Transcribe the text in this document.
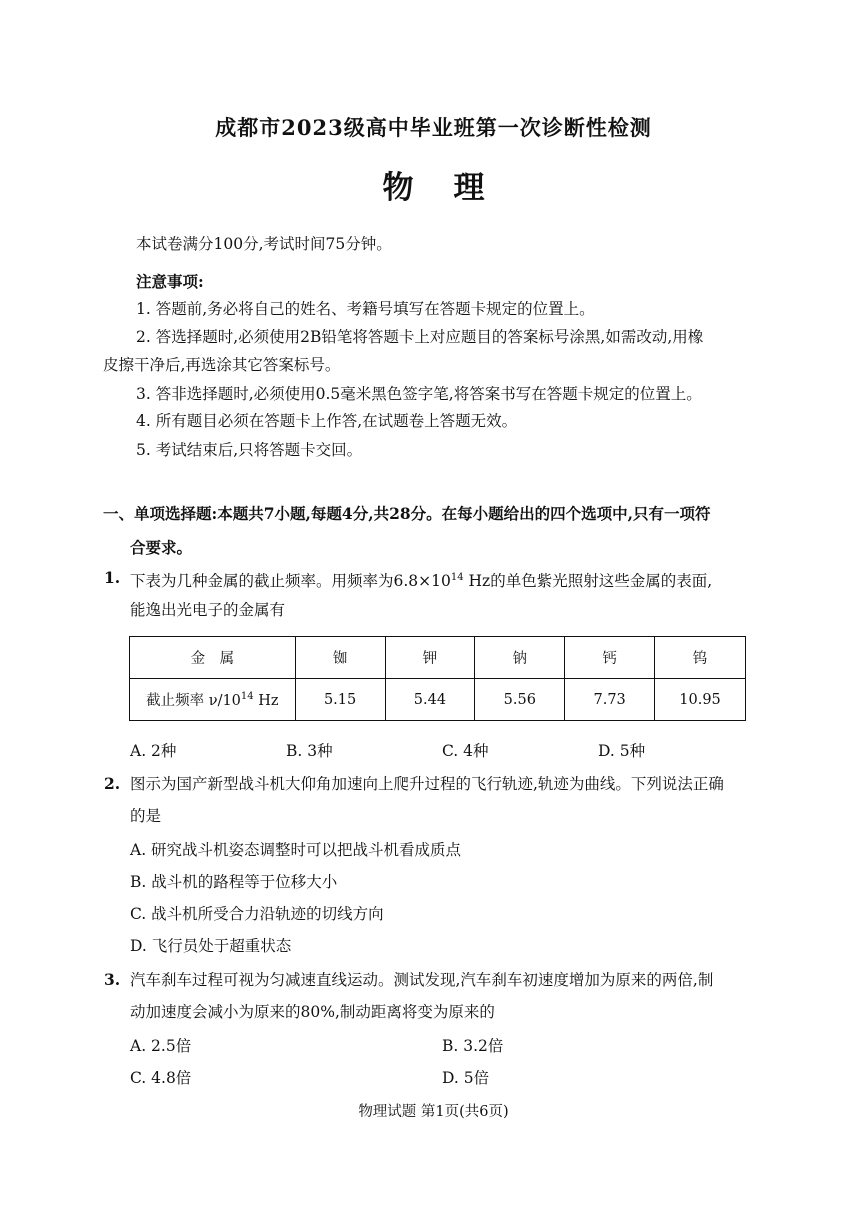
成都市2023级高中毕业班第一次诊断性检测
物理
本试卷满分100分,考试时间75分钟。
注意事项:
1. 答题前,务必将自己的姓名、考籍号填写在答题卡规定的位置上。
2. 答选择题时,必须使用2B铅笔将答题卡上对应题目的答案标号涂黑,如需改动,用橡
皮擦干净后,再选涂其它答案标号。
3. 答非选择题时,必须使用0.5毫米黑色签字笔,将答案书写在答题卡规定的位置上。
4. 所有题目必须在答题卡上作答,在试题卷上答题无效。
5. 考试结束后,只将答题卡交回。
一、单项选择题:本题共7小题,每题4分,共28分。在每小题给出的四个选项中,只有一项符
合要求。
1. 下表为几种金属的截止频率。用频率为$6.8\times 10^{14}$ Hz的单色紫光照射这些金属的表面,
能逸出光电子的金属有
金　属	铷	钾	钠	钙	钨
截止频率 $\nu/10^{14}$ Hz	5.15	5.44	5.56	7.73	10.95
A. 2种	B. 3种	C. 4种	D. 5种
2. 图示为国产新型战斗机大仰角加速向上爬升过程的飞行轨迹,轨迹为曲线。下列说法正确
的是
A. 研究战斗机姿态调整时可以把战斗机看成质点
B. 战斗机的路程等于位移大小
C. 战斗机所受合力沿轨迹的切线方向
D. 飞行员处于超重状态
3. 汽车刹车过程可视为匀减速直线运动。测试发现,汽车刹车初速度增加为原来的两倍,制
动加速度会减小为原来的80%,制动距离将变为原来的
A. 2.5倍	B. 3.2倍
C. 4.8倍	D. 5倍
物理试题 第1页(共6页)
